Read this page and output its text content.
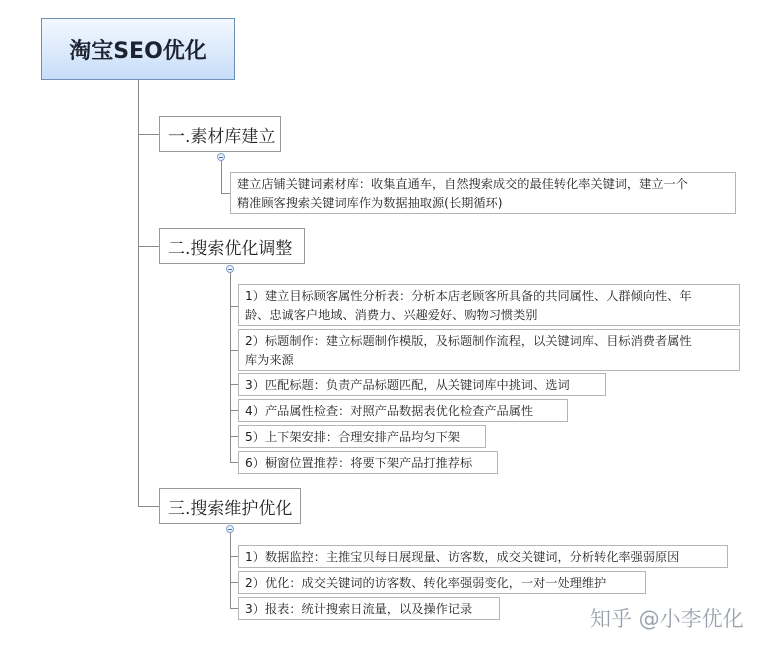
淘宝SEO优化
一.素材库建立
建立店铺关键词素材库：收集直通车，自然搜索成交的最佳转化率关键词，建立一个
精准顾客搜索关键词库作为数据抽取源(长期循环)
二.搜索优化调整
1）建立目标顾客属性分析表：分析本店老顾客所具备的共同属性、人群倾向性、年
龄、忠诚客户地域、消费力、兴趣爱好、购物习惯类别
2）标题制作：建立标题制作模版，及标题制作流程，以关键词库、目标消费者属性
库为来源
3）匹配标题：负责产品标题匹配，从关键词库中挑词、选词
4）产品属性检查：对照产品数据表优化检查产品属性
5）上下架安排：合理安排产品均匀下架
6）橱窗位置推荐：将要下架产品打推荐标
三.搜索维护优化
1）数据监控：主推宝贝每日展现量、访客数，成交关键词，分析转化率强弱原因
2）优化：成交关键词的访客数、转化率强弱变化，一对一处理维护
3）报表：统计搜索日流量，以及操作记录	知乎 @小李优化
